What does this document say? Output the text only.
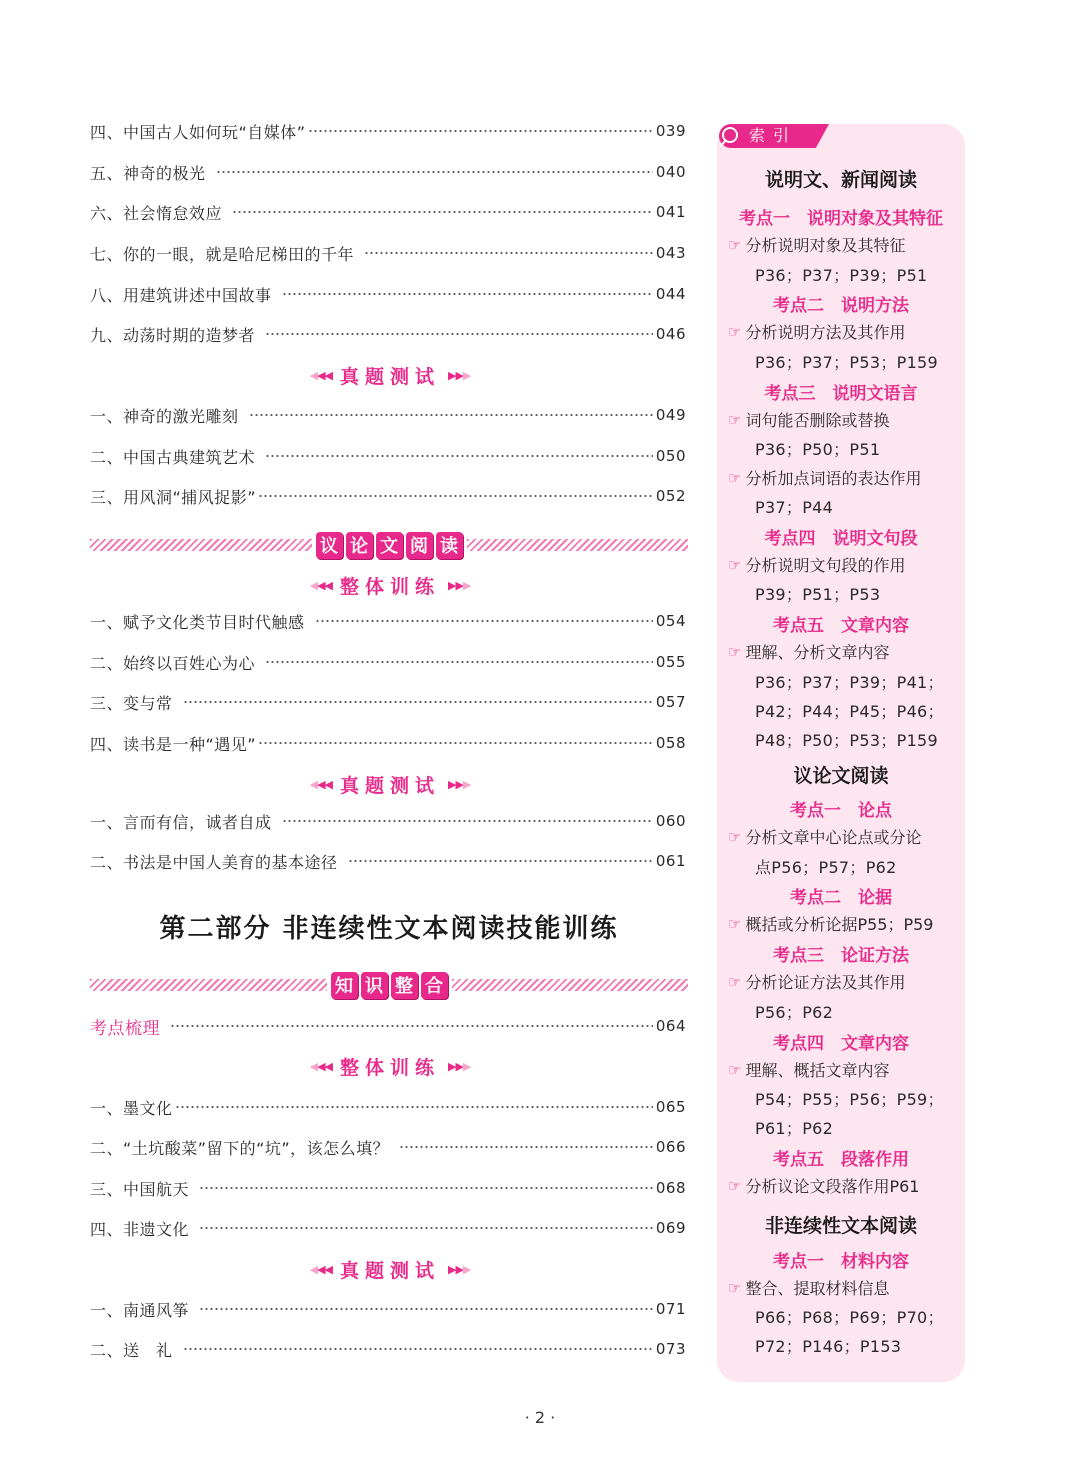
四、中国古人如何玩“自媒体”	039
五、神奇的极光	040
六、社会惰怠效应	041
七、你的一眼，就是哈尼梯田的千年	043
八、用建筑讲述中国故事	044
九、动荡时期的造梦者	046
◀◀◀ 真题测试 ▶▶▶
一、神奇的激光雕刻	049
二、中国古典建筑艺术	050
三、用风洞“捕风捉影”	052
议 论 文 阅 读
◀◀◀ 整体训练 ▶▶▶
一、赋予文化类节目时代触感	054
二、始终以百姓心为心	055
三、变与常	057
四、读书是一种“遇见”	058
◀◀◀ 真题测试 ▶▶▶
一、言而有信，诚者自成	060
二、书法是中国人美育的基本途径	061
第二部分 非连续性文本阅读技能训练
知 识 整 合
考点梳理	064
◀◀◀ 整体训练 ▶▶▶
一、墨文化	065
二、“土坑酸菜”留下的“坑”，该怎么填？	066
三、中国航天	068
四、非遗文化	069
◀◀◀ 真题测试 ▶▶▶
一、南通风筝	071
二、送　礼	073
· 2 ·
索引
说明文、新闻阅读
考点一　说明对象及其特征
☞ 分析说明对象及其特征
P36；P37；P39；P51
考点二　说明方法
☞ 分析说明方法及其作用
P36；P37；P53；P159
考点三　说明文语言
☞ 词句能否删除或替换
P36；P50；P51
☞ 分析加点词语的表达作用
P37；P44
考点四　说明文句段
☞ 分析说明文句段的作用
P39；P51；P53
考点五　文章内容
☞ 理解、分析文章内容
P36；P37；P39；P41；
P42；P44；P45；P46；
P48；P50；P53；P159
议论文阅读
考点一　论点
☞ 分析文章中心论点或分论
点P56；P57；P62
考点二　论据
☞ 概括或分析论据P55；P59
考点三　论证方法
☞ 分析论证方法及其作用
P56；P62
考点四　文章内容
☞ 理解、概括文章内容
P54；P55；P56；P59；
P61；P62
考点五　段落作用
☞ 分析议论文段落作用P61
非连续性文本阅读
考点一　材料内容
☞ 整合、提取材料信息
P66；P68；P69；P70；
P72；P146；P153
